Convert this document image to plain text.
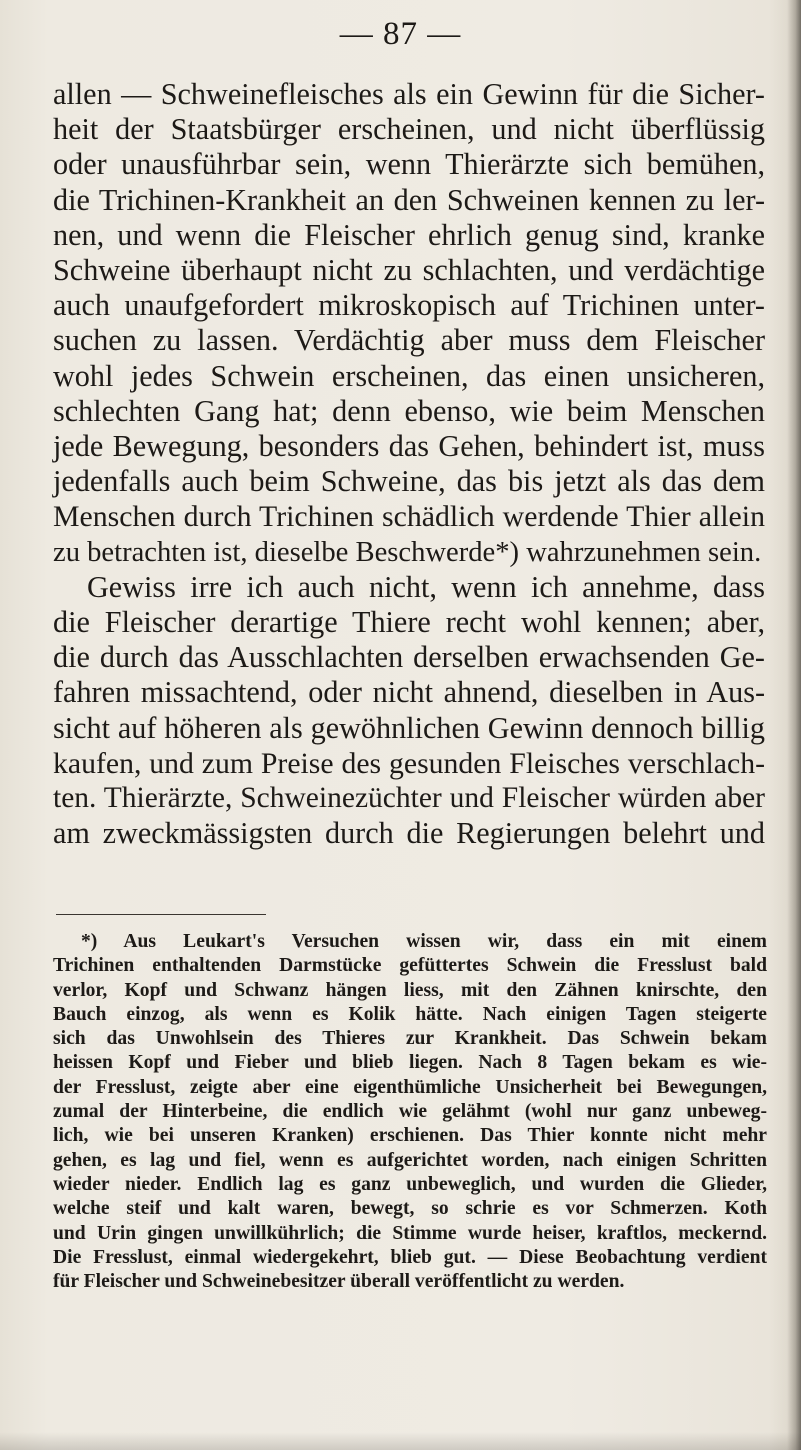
— 87 —
allen — Schweinefleisches als ein Gewinn für die Sicher-
heit der Staatsbürger erscheinen, und nicht überflüssig
oder unausführbar sein, wenn Thierärzte sich bemühen,
die Trichinen-Krankheit an den Schweinen kennen zu ler-
nen, und wenn die Fleischer ehrlich genug sind, kranke
Schweine überhaupt nicht zu schlachten, und verdächtige
auch unaufgefordert mikroskopisch auf Trichinen unter-
suchen zu lassen. Verdächtig aber muss dem Fleischer
wohl jedes Schwein erscheinen, das einen unsicheren,
schlechten Gang hat; denn ebenso, wie beim Menschen
jede Bewegung, besonders das Gehen, behindert ist, muss
jedenfalls auch beim Schweine, das bis jetzt als das dem
Menschen durch Trichinen schädlich werdende Thier allein
zu betrachten ist, dieselbe Beschwerde*) wahrzunehmen sein.
Gewiss irre ich auch nicht, wenn ich annehme, dass
die Fleischer derartige Thiere recht wohl kennen; aber,
die durch das Ausschlachten derselben erwachsenden Ge-
fahren missachtend, oder nicht ahnend, dieselben in Aus-
sicht auf höheren als gewöhnlichen Gewinn dennoch billig
kaufen, und zum Preise des gesunden Fleisches verschlach-
ten. Thierärzte, Schweinezüchter und Fleischer würden aber
am zweckmässigsten durch die Regierungen belehrt und
*) Aus Leukart's Versuchen wissen wir, dass ein mit einem
Trichinen enthaltenden Darmstücke gefüttertes Schwein die Fresslust bald
verlor, Kopf und Schwanz hängen liess, mit den Zähnen knirschte, den
Bauch einzog, als wenn es Kolik hätte. Nach einigen Tagen steigerte
sich das Unwohlsein des Thieres zur Krankheit. Das Schwein bekam
heissen Kopf und Fieber und blieb liegen. Nach 8 Tagen bekam es wie-
der Fresslust, zeigte aber eine eigenthümliche Unsicherheit bei Bewegungen,
zumal der Hinterbeine, die endlich wie gelähmt (wohl nur ganz unbeweg-
lich, wie bei unseren Kranken) erschienen. Das Thier konnte nicht mehr
gehen, es lag und fiel, wenn es aufgerichtet worden, nach einigen Schritten
wieder nieder. Endlich lag es ganz unbeweglich, und wurden die Glieder,
welche steif und kalt waren, bewegt, so schrie es vor Schmerzen. Koth
und Urin gingen unwillkührlich; die Stimme wurde heiser, kraftlos, meckernd.
Die Fresslust, einmal wiedergekehrt, blieb gut. — Diese Beobachtung verdient
für Fleischer und Schweinebesitzer überall veröffentlicht zu werden.
